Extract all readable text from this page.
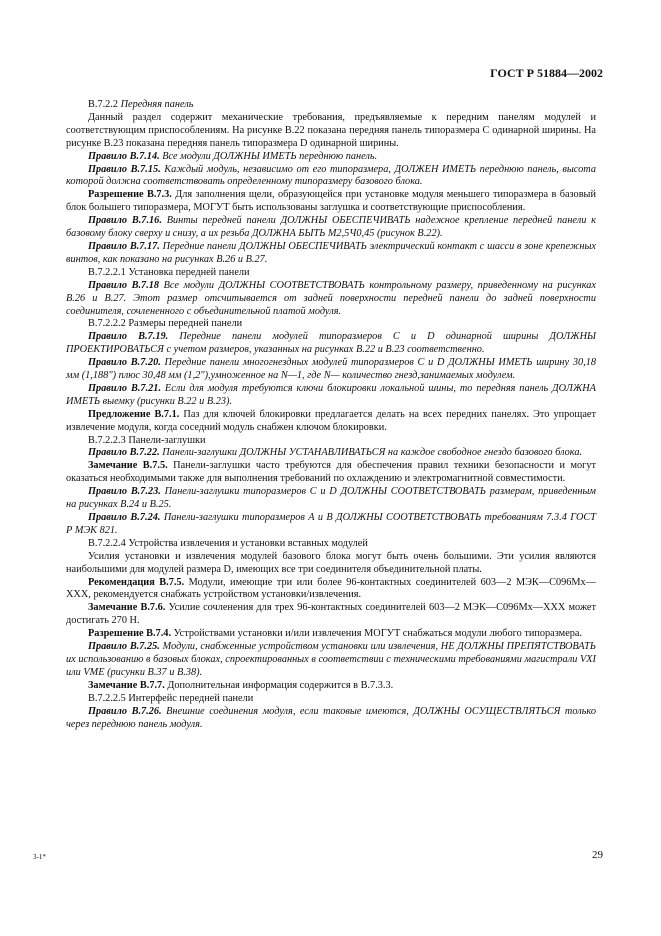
ГОСТ Р 51884—2002
В.7.2.2 Передняя панель
Данный раздел содержит механические требования, предъявляемые к передним панелям модулей и соответствующим приспособлениям. На рисунке В.22 показана передняя панель типоразмера С одинарной ширины. На рисунке В.23 показана передняя панель типоразмера D одинарной ширины.
Правило В.7.14. Все модули ДОЛЖНЫ ИМЕТЬ переднюю панель.
Правило В.7.15. Каждый модуль, независимо от его типоразмера, ДОЛЖЕН ИМЕТЬ переднюю панель, высота которой должна соответствовать определенному типоразмеру базового блока.
Разрешение В.7.3. Для заполнения щели, образующейся при установке модуля меньшего типоразмера в базовый блок большего типоразмера, МОГУТ быть использованы заглушка и соответствующие приспособления.
Правило В.7.16. Винты передней панели ДОЛЖНЫ ОБЕСПЕЧИВАТЬ надежное крепление передней панели к базовому блоку сверху и снизу, а их резьба ДОЛЖНА БЫТЬ М2,5Ч0,45 (рисунок В.22).
Правило В.7.17. Передние панели ДОЛЖНЫ ОБЕСПЕЧИВАТЬ электрический контакт с шасси в зоне крепежных винтов, как показано на рисунках В.26 и В.27.
В.7.2.2.1 Установка передней панели
Правило В.7.18 Все модули ДОЛЖНЫ СООТВЕТСТВОВАТЬ контрольному размеру, приведенному на рисунках В.26 и В.27. Этот размер отсчитывается от задней поверхности передней панели до задней поверхности соединителя, сочлененного с объединительной платой модуля.
В.7.2.2.2 Размеры передней панели
Правило В.7.19. Передние панели модулей типоразмеров С и D одинарной ширины ДОЛЖНЫ ПРОЕКТИРОВАТЬСЯ с учетом размеров, указанных на рисунках В.22 и В.23 соответственно.
Правило В.7.20. Передние панели многогнездных модулей типоразмеров С и D ДОЛЖНЫ ИМЕТЬ ширину 30,18 мм (1,188") плюс 30,48 мм (1,2"),умноженное на N—1, где N— количество гнезд,занимаемых модулем.
Правило В.7.21. Если для модуля требуются ключи блокировки локальной шины, то передняя панель ДОЛЖНА ИМЕТЬ выемку (рисунки В.22 и В.23).
Предложение В.7.1. Паз для ключей блокировки предлагается делать на всех передних панелях. Это упрощает извлечение модуля, когда соседний модуль снабжен ключом блокировки.
В.7.2.2.3 Панели-заглушки
Правило В.7.22. Панели-заглушки ДОЛЖНЫ УСТАНАВЛИВАТЬСЯ на каждое свободное гнездо базового блока.
Замечание В.7.5. Панели-заглушки часто требуются для обеспечения правил техники безопасности и могут оказаться необходимыми также для выполнения требований по охлаждению и электромагнитной совместимости.
Правило В.7.23. Панели-заглушки типоразмеров С и D ДОЛЖНЫ СООТВЕТСТВОВАТЬ размерам, приведенным на рисунках В.24 и В.25.
Правило В.7.24. Панели-заглушки типоразмеров А и В ДОЛЖНЫ СООТВЕТСТВОВАТЬ требованиям 7.3.4 ГОСТ Р МЭК 821.
В.7.2.2.4 Устройства извлечения и установки вставных модулей
Усилия установки и извлечения модулей базового блока могут быть очень большими. Эти усилия являются наибольшими для модулей размера D, имеющих все три соединителя объединительной платы.
Рекомендация В.7.5. Модули, имеющие три или более 96-контактных соединителей 603—2 МЭК—С096Мх—XXX, рекомендуется снабжать устройством установки/извлечения.
Замечание В.7.6. Усилие сочленения для трех 96-контактных соединителей 603—2 МЭК—С096Мх—XXX может достигать 270 Н.
Разрешение В.7.4. Устройствами установки и/или извлечения МОГУТ снабжаться модули любого типоразмера.
Правило В.7.25. Модули, снабженные устройством установки или извлечения, НЕ ДОЛЖНЫ ПРЕПЯТСТВОВАТЬ их использованию в базовых блоках, спроектированных в соответствии с техническими требованиями магистрали VXI или VME (рисунки В.37 и В.38).
Замечание В.7.7. Дополнительная информация содержится в В.7.3.3.
В.7.2.2.5 Интерфейс передней панели
Правило В.7.26. Внешние соединения модуля, если таковые имеются, ДОЛЖНЫ ОСУЩЕСТВЛЯТЬСЯ только через переднюю панель модуля.
3-1*	29
